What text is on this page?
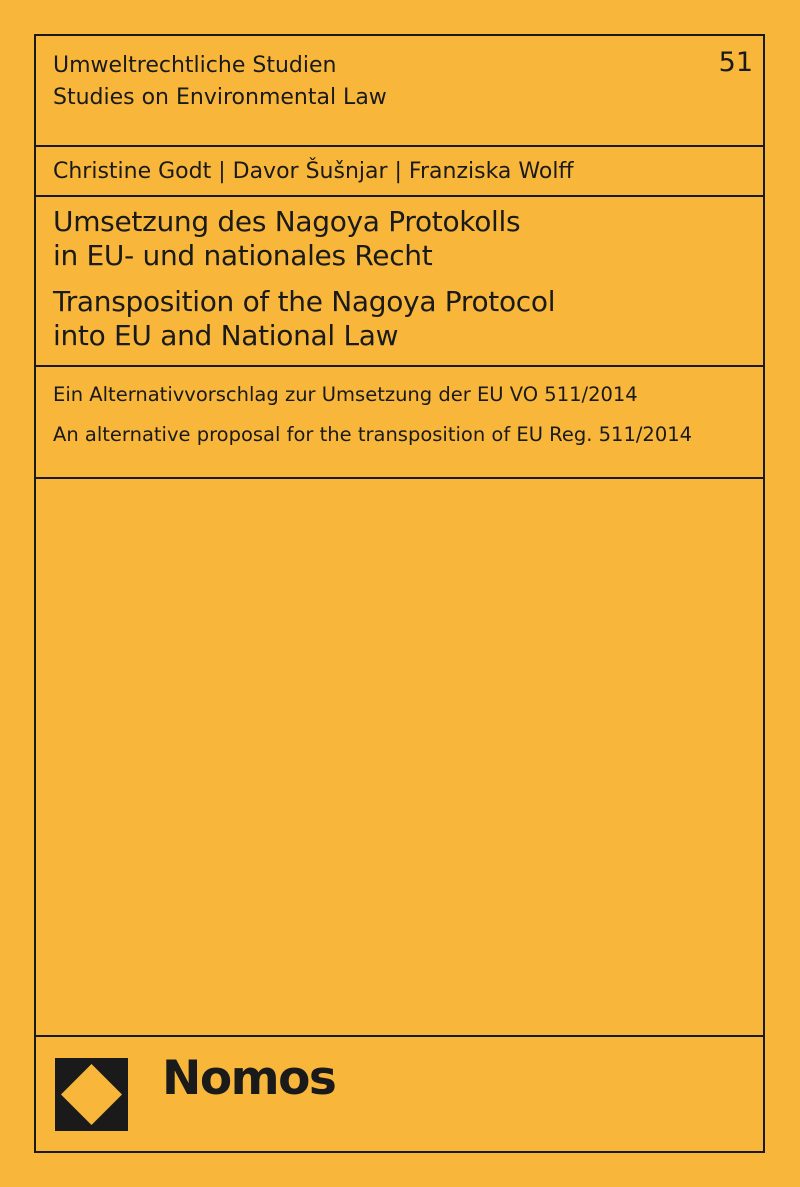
Umweltrechtliche Studien
Studies on Environmental Law
51
Christine Godt | Davor Šušnjar | Franziska Wolff
Umsetzung des Nagoya Protokolls
in EU- und nationales Recht
Transposition of the Nagoya Protocol
into EU and National Law
Ein Alternativvorschlag zur Umsetzung der EU VO 511/2014
An alternative proposal for the transposition of EU Reg. 511/2014
Nomos
